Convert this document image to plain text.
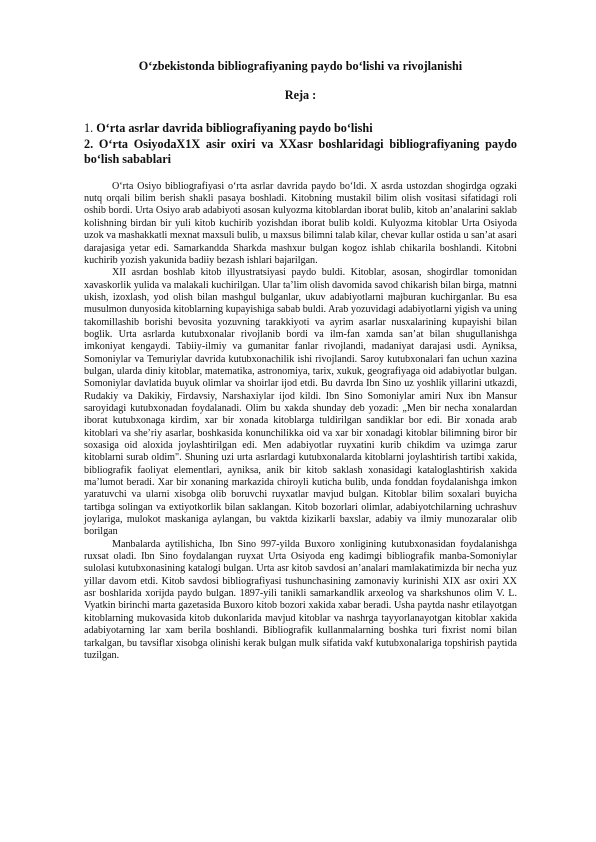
O‘zbekistonda bibliografiyaning paydo bo‘lishi va rivojlanishi
Reja :
1. O‘rta asrlar davrida bibliografiyaning paydo bo‘lishi
2. O‘rta OsiyodaX1X asir oxiri va XXasr boshlaridagi bibliografiyaning paydo bo‘lish sabablari

O‘rta Osiyo bibliografiyasi o‘rta asrlar davrida paydo bo‘ldi. X asrda ustozdan shogirdga ogzaki nutq orqali bilim berish shakli pasaya boshladi. Kitobning mustakil bilim olish vositasi sifatidagi roli oshib bordi. Urta Osiyo arab adabiyoti asosan kulyozma kitoblardan iborat bulib, kitob an’analarini saklab kolishning birdan bir yuli kitob kuchirib yozishdan iborat bulib koldi. Kulyozma kitoblar Urta Osiyoda uzok va mashakkatli mexnat maxsuli bulib, u maxsus bilimni talab kilar, chevar kullar ostida u san’at asari darajasiga yetar edi. Samarkandda Sharkda mashxur bulgan kogoz ishlab chikarila boshlandi. Kitobni kuchirib yozish yakunida badiiy bezash ishlari bajarilgan.

XII asrdan boshlab kitob illyustratsiyasi paydo buldi. Kitoblar, asosan, shogirdlar tomonidan xavaskorlik yulida va malakali kuchirilgan. Ular ta’lim olish davomida savod chikarish bilan birga, matnni ukish, izoxlash, yod olish bilan mashgul bulganlar, ukuv adabiyotlarni majburan kuchirganlar. Bu esa musulmon dunyosida kitoblarning kupayishiga sabab buldi. Arab yozuvidagi adabiyotlarni yigish va uning takomillashib borishi bevosita yozuvning tarakkiyoti va ayrim asarlar nusxalarining kupayishi bilan boglik. Urta asrlarda kutubxonalar rivojlanib bordi va ilm-fan xamda san’at bilan shugullanishga imkoniyat kengaydi. Tabiiy-ilmiy va gumanitar fanlar rivojlandi, madaniyat darajasi usdi. Ayniksa, Somoniylar va Temuriylar davrida kutubxonachilik ishi rivojlandi. Saroy kutubxonalari fan uchun xazina bulgan, ularda diniy kitoblar, matematika, astronomiya, tarix, xukuk, geografiyaga oid adabiyotlar bulgan. Somoniylar davlatida buyuk olimlar va shoirlar ijod etdi. Bu davrda Ibn Sino uz yoshlik yillarini utkazdi, Rudakiy va Dakikiy, Firdavsiy, Narshaxiylar ijod kildi. Ibn Sino Somoniylar amiri Nux ibn Mansur saroyidagi kutubxonadan foydalanadi. Olim bu xakda shunday deb yozadi: „Men bir necha xonalardan iborat kutubxonaga kirdim, xar bir xonada kitoblarga tuldirilgan sandiklar bor edi. Bir xonada arab kitoblari va she’riy asarlar, boshkasida konunchilikka oid va xar bir xonadagi kitoblar bilimning biror bir soxasiga oid aloxida joylashtirilgan edi. Men adabiyotlar ruyxatini kurib chikdim va uzimga zarur kitoblarni surab oldim". Shuning uzi urta asrlardagi kutubxonalarda kitoblarni joylashtirish tartibi xakida, bibliografik faoliyat elementlari, ayniksa, anik bir kitob saklash xonasidagi kataloglashtirish xakida ma’lumot beradi. Xar bir xonaning markazida chiroyli kuticha bulib, unda fonddan foydalanishga imkon yaratuvchi va ularni xisobga olib boruvchi ruyxatlar mavjud bulgan. Kitoblar bilim soxalari buyicha tartibga solingan va extiyotkorlik bilan saklangan. Kitob bozorlari olimlar, adabiyotchilarning uchrashuv joylariga, mulokot maskaniga aylangan, bu vaktda kizikarli baxslar, adabiy va ilmiy munozaralar olib borilgan

Manbalarda aytilishicha, Ibn Sino 997-yilda Buxoro xonligining kutubxonasidan foydalanishga ruxsat oladi. Ibn Sino foydalangan ruyxat Urta Osiyoda eng kadimgi bibliografik manba-Somoniylar sulolasi kutubxonasining katalogi bulgan. Urta asr kitob savdosi an’analari mamlakatimizda bir necha yuz yillar davom etdi. Kitob savdosi bibliografiyasi tushunchasining zamonaviy kurinishi XIX asr oxiri XX asr boshlarida xorijda paydo bulgan. 1897-yili tanikli samarkandlik arxeolog va sharkshunos olim V. L. Vyatkin birinchi marta gazetasida Buxoro kitob bozori xakida xabar beradi. Usha paytda nashr etilayotgan kitoblarning mukovasida kitob dukonlarida mavjud kitoblar va nashrga tayyorlanayotgan kitoblar xakida adabiyotarning lar xam berila boshlandi. Bibliografik kullanmalarning boshka turi fixrist nomi bilan tarkalgan, bu tavsiflar xisobga olinishi kerak bulgan mulk sifatida vakf kutubxonalariga topshirish paytida tuzilgan.
